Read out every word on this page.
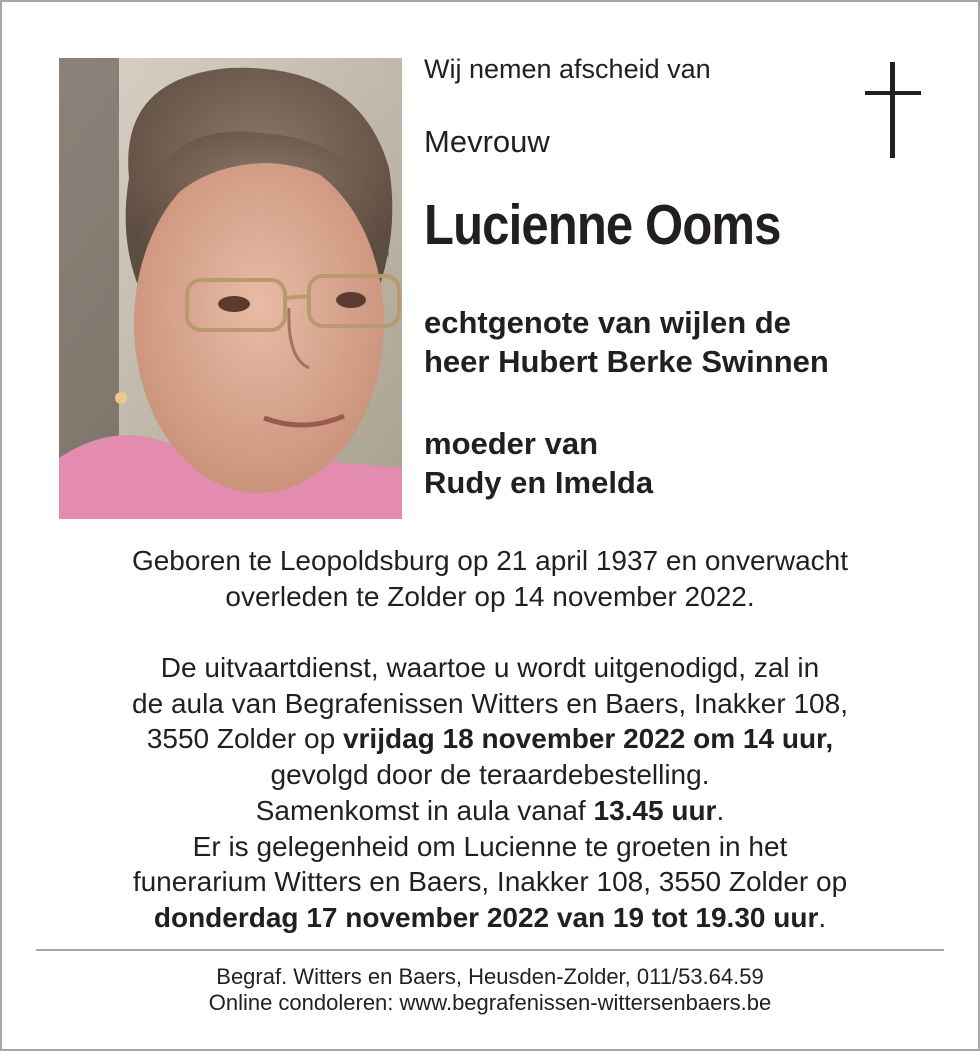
Wij nemen afscheid van
Mevrouw
Lucienne Ooms
echtgenote van wijlen de
heer Hubert Berke Swinnen
moeder van
Rudy en Imelda
Geboren te Leopoldsburg op 21 april 1937 en onverwacht
overleden te Zolder op 14 november 2022.
De uitvaartdienst, waartoe u wordt uitgenodigd, zal in
de aula van Begrafenissen Witters en Baers, Inakker 108,
3550 Zolder op vrijdag 18 november 2022 om 14 uur,
gevolgd door de teraardebestelling.
Samenkomst in aula vanaf 13.45 uur.
Er is gelegenheid om Lucienne te groeten in het
funerarium Witters en Baers, Inakker 108, 3550 Zolder op
donderdag 17 november 2022 van 19 tot 19.30 uur.
Begraf. Witters en Baers, Heusden-Zolder, 011/53.64.59
Online condoleren: www.begrafenissen-wittersenbaers.be
